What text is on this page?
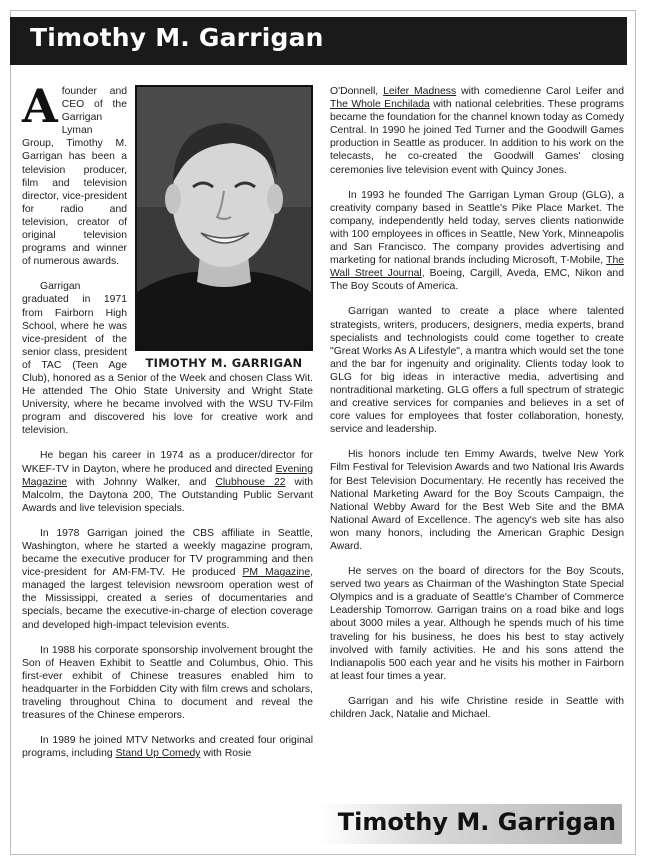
Timothy M. Garrigan
TIMOTHY M. GARRIGAN

Afounder and CEO of the Garrigan Lyman Group, Timothy M. Garrigan has been a television producer, film and television director, vice-president for radio and television, creator of original television programs and winner of numerous awards.

Garrigan graduated in 1971 from Fairborn High School, where he was vice-president of the senior class, president of TAC (Teen Age Club), honored as a Senior of the Week and chosen Class Wit. He attended The Ohio State University and Wright State University, where he became involved with the WSU TV-Film program and discovered his love for creative work and television.

He began his career in 1974 as a producer/director for WKEF-TV in Dayton, where he produced and directed Evening Magazine with Johnny Walker, and Clubhouse 22 with Malcolm, the Daytona 200, The Outstanding Public Servant Awards and live television specials.

In 1978 Garrigan joined the CBS affiliate in Seattle, Washington, where he started a weekly magazine program, became the executive producer for TV programming and then vice-president for AM-FM-TV. He produced PM Magazine, managed the largest television newsroom operation west of the Mississippi, created a series of documentaries and specials, became the executive-in-charge of election coverage and developed high-impact television events.

In 1988 his corporate sponsorship involvement brought the Son of Heaven Exhibit to Seattle and Columbus, Ohio. This first-ever exhibit of Chinese treasures enabled him to headquarter in the Forbidden City with film crews and scholars, traveling throughout China to document and reveal the treasures of the Chinese emperors.

In 1989 he joined MTV Networks and created four original programs, including Stand Up Comedy with Rosie

O'Donnell, Leifer Madness with comedienne Carol Leifer and The Whole Enchilada with national celebrities. These programs became the foundation for the channel known today as Comedy Central. In 1990 he joined Ted Turner and the Goodwill Games production in Seattle as producer. In addition to his work on the telecasts, he co-created the Goodwill Games' closing ceremonies live television event with Quincy Jones.

In 1993 he founded The Garrigan Lyman Group (GLG), a creativity company based in Seattle's Pike Place Market. The company, independently held today, serves clients nationwide with 100 employees in offices in Seattle, New York, Minneapolis and San Francisco. The company provides advertising and marketing for national brands including Microsoft, T-Mobile, The Wall Street Journal, Boeing, Cargill, Aveda, EMC, Nikon and The Boy Scouts of America.

Garrigan wanted to create a place where talented strategists, writers, producers, designers, media experts, brand specialists and technologists could come together to create "Great Works As A Lifestyle", a mantra which would set the tone and the bar for ingenuity and originality. Clients today look to GLG for big ideas in interactive media, advertising and nontraditional marketing. GLG offers a full spectrum of strategic and creative services for companies and believes in a set of core values for employees that foster collaboration, honesty, service and leadership.

His honors include ten Emmy Awards, twelve New York Film Festival for Television Awards and two National Iris Awards for Best Television Documentary. He recently has received the National Marketing Award for the Boy Scouts Campaign, the National Webby Award for the Best Web Site and the BMA National Award of Excellence. The agency's web site has also won many honors, including the American Graphic Design Award.

He serves on the board of directors for the Boy Scouts, served two years as Chairman of the Washington State Special Olympics and is a graduate of Seattle's Chamber of Commerce Leadership Tomorrow. Garrigan trains on a road bike and logs about 3000 miles a year. Although he spends much of his time traveling for his business, he does his best to stay actively involved with family activities. He and his sons attend the Indianapolis 500 each year and he visits his mother in Fairborn at least four times a year.

Garrigan and his wife Christine reside in Seattle with children Jack, Natalie and Michael.

Timothy M. Garrigan
